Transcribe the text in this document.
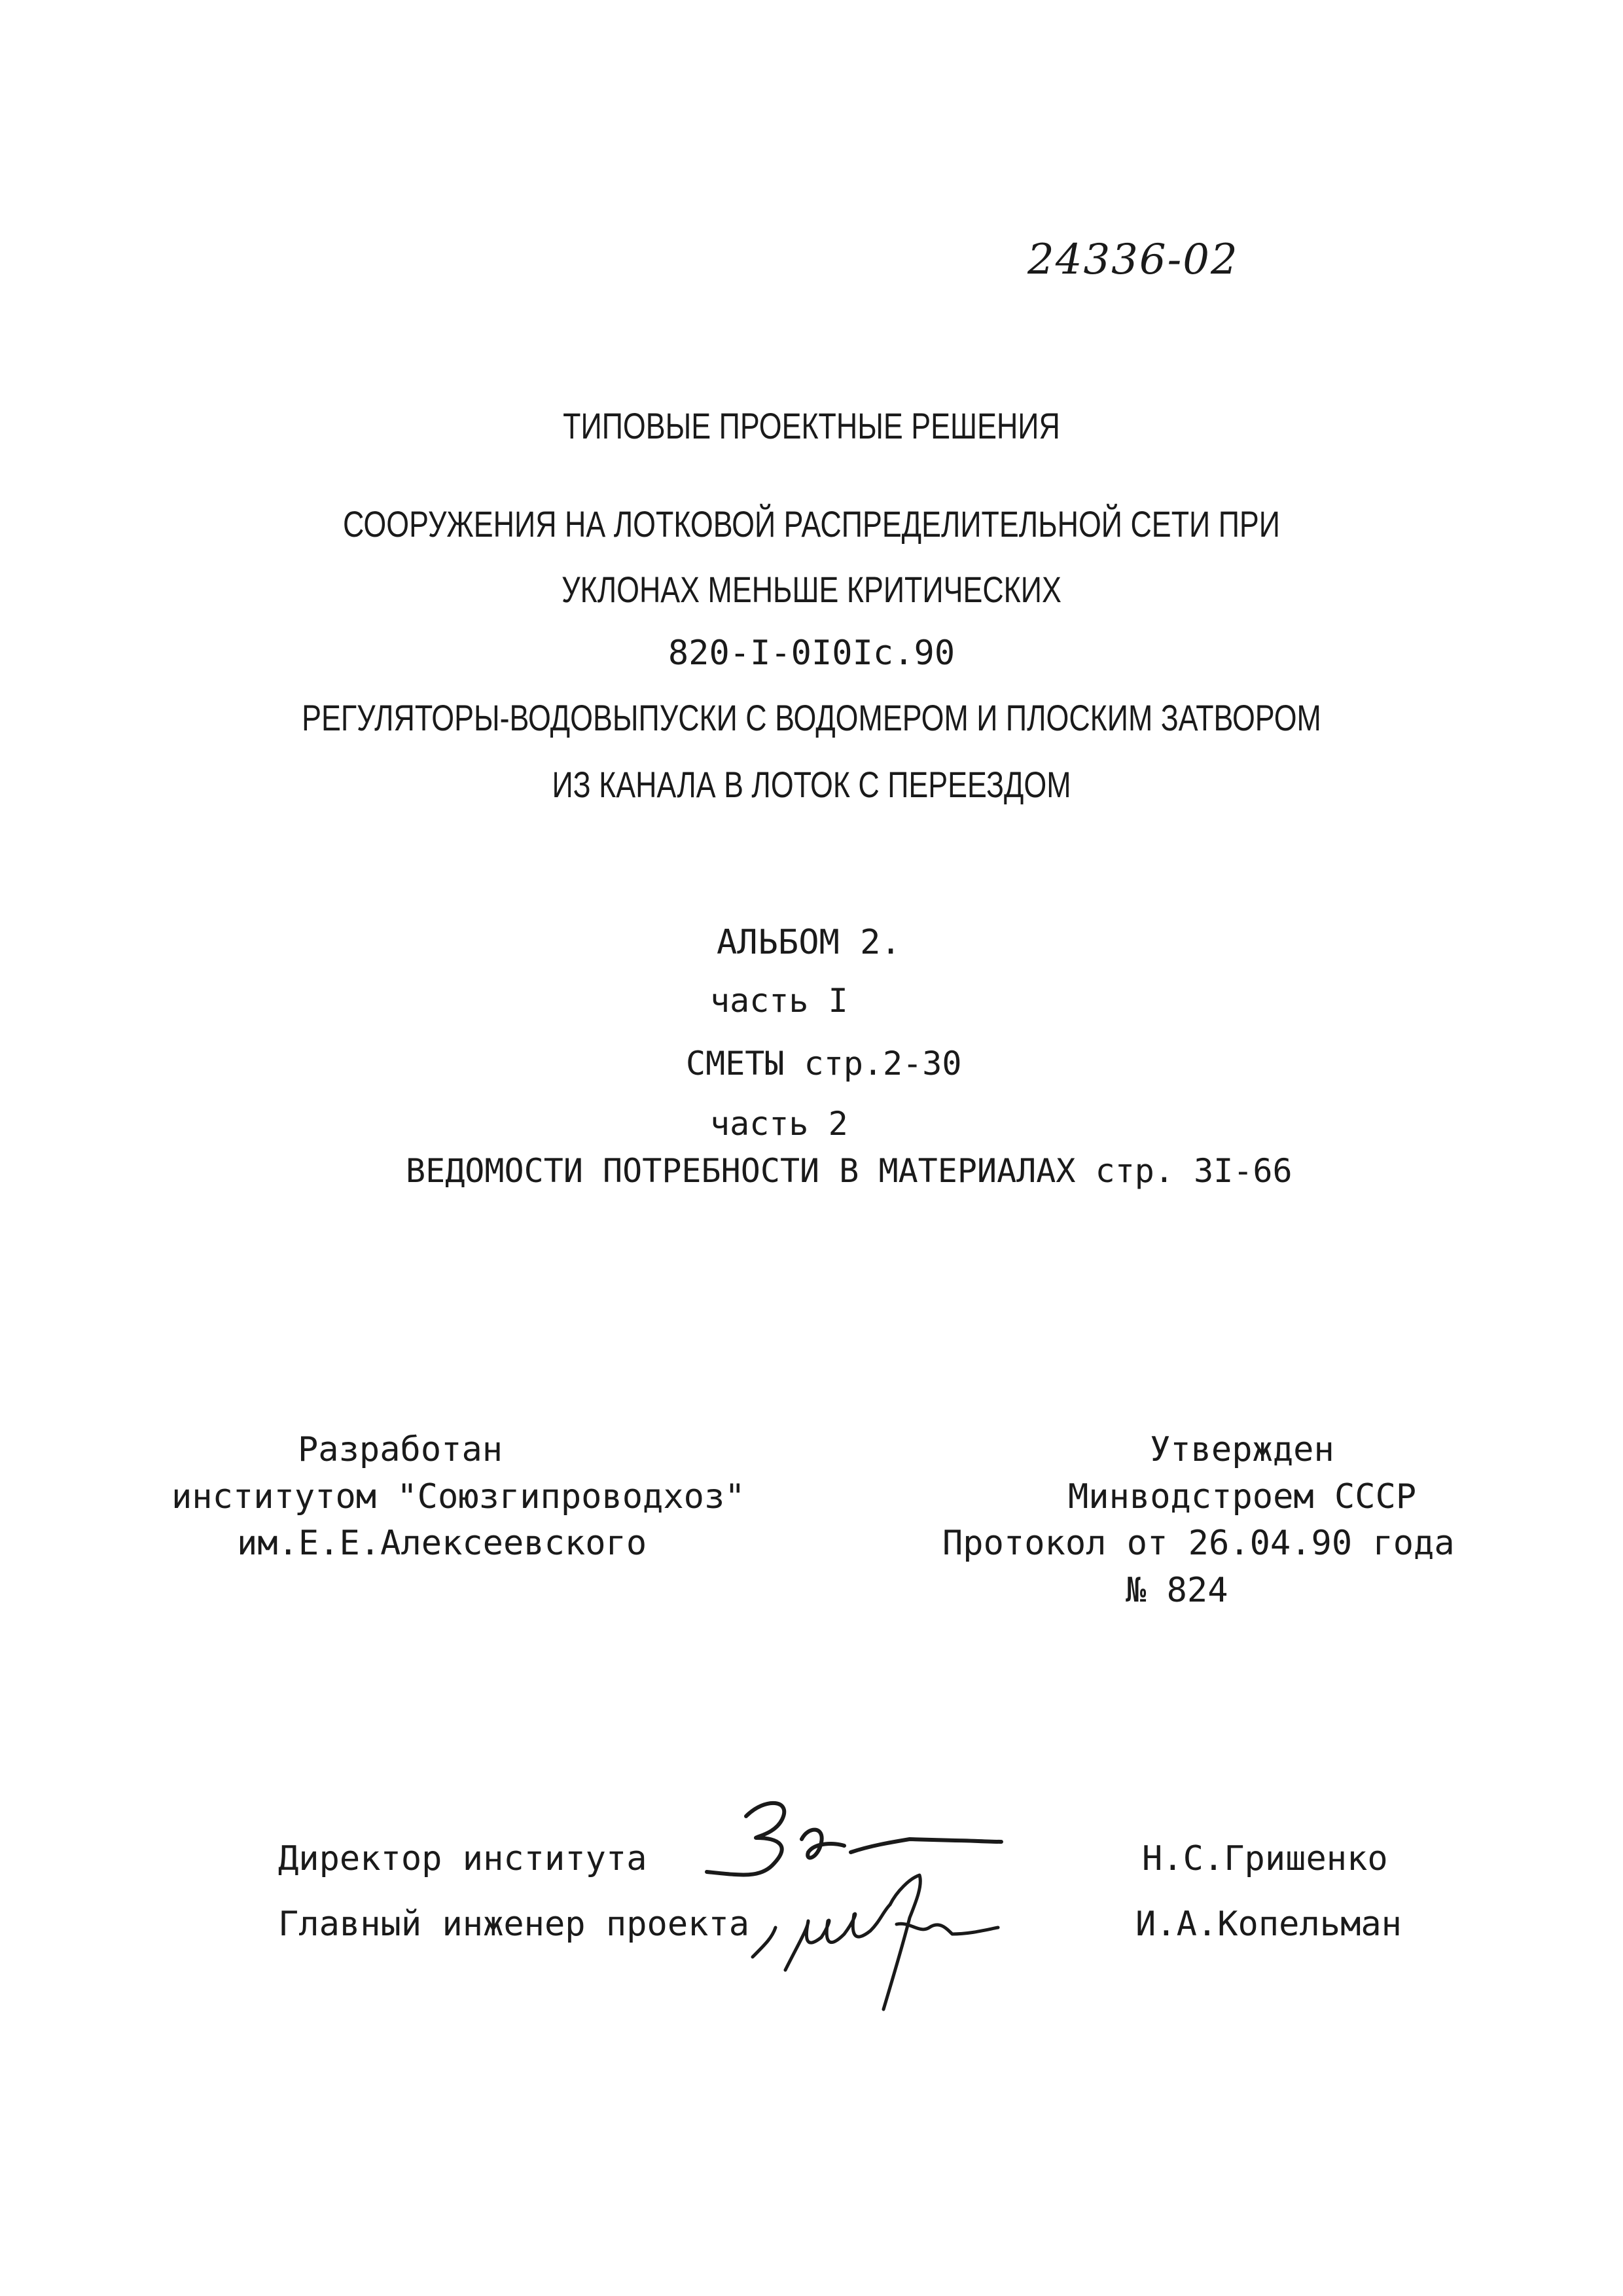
24336-02
ТИПОВЫЕ ПРОЕКТНЫЕ РЕШЕНИЯ
СООРУЖЕНИЯ НА ЛОТКОВОЙ РАСПРЕДЕЛИТЕЛЬНОЙ СЕТИ ПРИ
УКЛОНАХ МЕНЬШЕ КРИТИЧЕСКИХ
820-I-0I0Iс.90
РЕГУЛЯТОРЫ-ВОДОВЫПУСКИ С ВОДОМЕРОМ И ПЛОСКИМ ЗАТВОРОМ
ИЗ КАНАЛА В ЛОТОК С ПЕРЕЕЗДОМ
АЛЬБОМ 2.
часть I
СМЕТЫ стр.2-30
часть 2
ВЕДОМОСТИ ПОТРЕБНОСТИ В МАТЕРИАЛАХ стр. 3I-66
Разработан
институтом "Союзгипроводхоз"
им.Е.Е.Алексеевского
Утвержден
Минводстроем СССР
Протокол от 26.04.90 года
№ 824
Директор института
Главный инженер проекта
Н.С.Гришенко
И.А.Копельман
